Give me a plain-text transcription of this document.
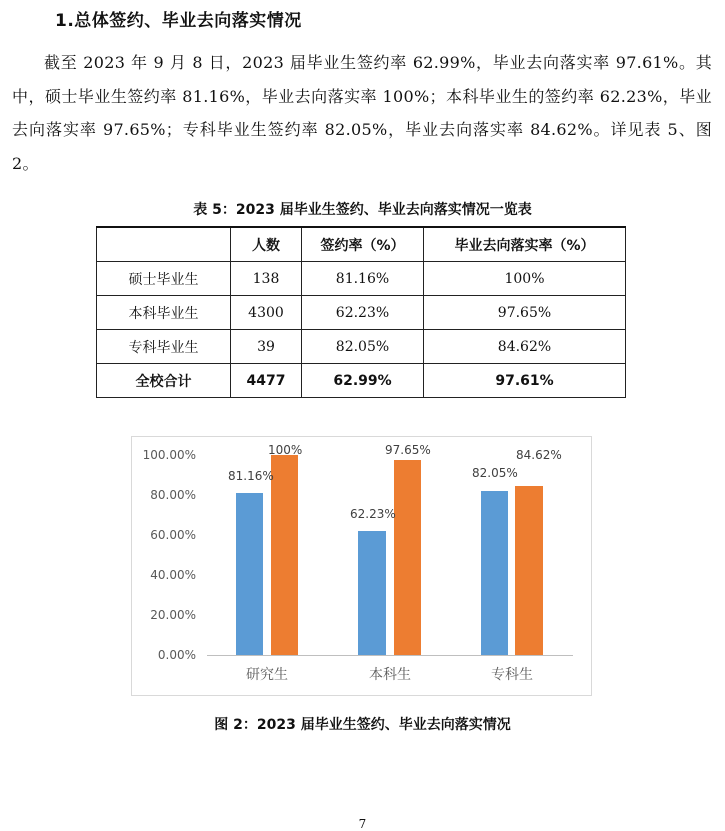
1.总体签约、毕业去向落实情况
截至 2023 年 9 月 8 日，2023 届毕业生签约率 62.99%，毕业去向落实率 97.61%。其中，硕士毕业生签约率 81.16%，毕业去向落实率 100%；本科毕业生的签约率 62.23%，毕业去向落实率 97.65%；专科毕业生签约率 82.05%，毕业去向落实率 84.62%。详见表 5、图 2。
表 5：2023 届毕业生签约、毕业去向落实情况一览表
	人数	签约率（%）	毕业去向落实率（%）
硕士毕业生	138	81.16%	100%
本科毕业生	4300	62.23%	97.65%
专科毕业生	39	82.05%	84.62%
全校合计	4477	62.99%	97.61%
0.00%
20.00%
40.00%
60.00%
80.00%
100.00%
81.16%
100%
62.23%
97.65%
82.05%
84.62%
研究生	本科生	专科生
图 2：2023 届毕业生签约、毕业去向落实情况
7
